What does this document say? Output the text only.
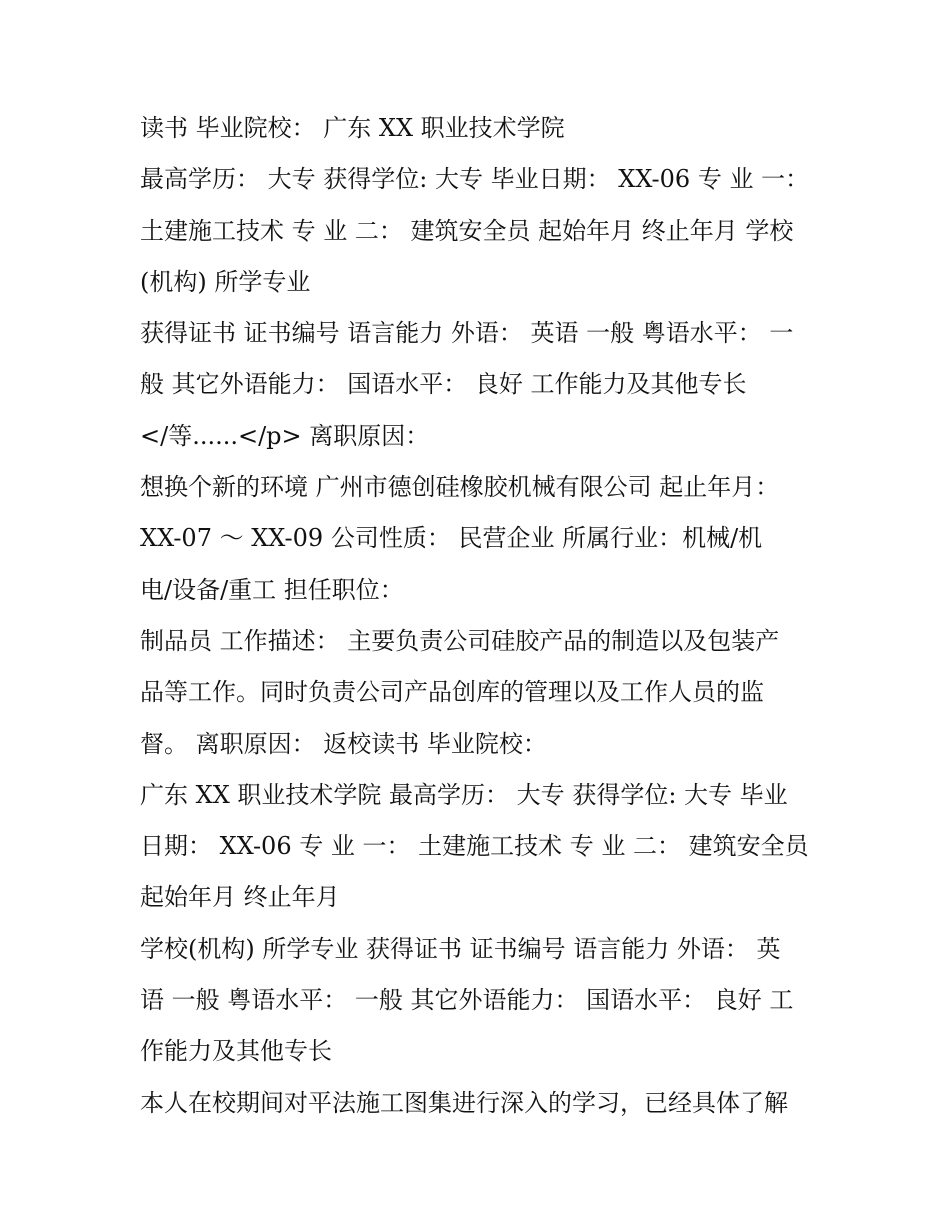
读书 毕业院校： 广东 XX 职业技术学院
最高学历： 大专 获得学位: 大专 毕业日期： XX-06 专 业 一：
土建施工技术 专 业 二： 建筑安全员 起始年月 终止年月 学校
(机构) 所学专业
获得证书 证书编号 语言能力 外语： 英语 一般 粤语水平： 一
般 其它外语能力： 国语水平： 良好 工作能力及其他专长
</等......</p> 离职原因：
想换个新的环境 广州市德创硅橡胶机械有限公司 起止年月：
XX-07 ～ XX-09 公司性质： 民营企业 所属行业：机械/机
电/设备/重工 担任职位：
制品员 工作描述： 主要负责公司硅胶产品的制造以及包装产
品等工作。同时负责公司产品创库的管理以及工作人员的监
督。 离职原因： 返校读书 毕业院校：
广东 XX 职业技术学院 最高学历： 大专 获得学位: 大专 毕业
日期： XX-06 专 业 一： 土建施工技术 专 业 二： 建筑安全员
起始年月 终止年月
学校(机构) 所学专业 获得证书 证书编号 语言能力 外语： 英
语 一般 粤语水平： 一般 其它外语能力： 国语水平： 良好 工
作能力及其他专长
本人在校期间对平法施工图集进行深入的学习，已经具体了解
